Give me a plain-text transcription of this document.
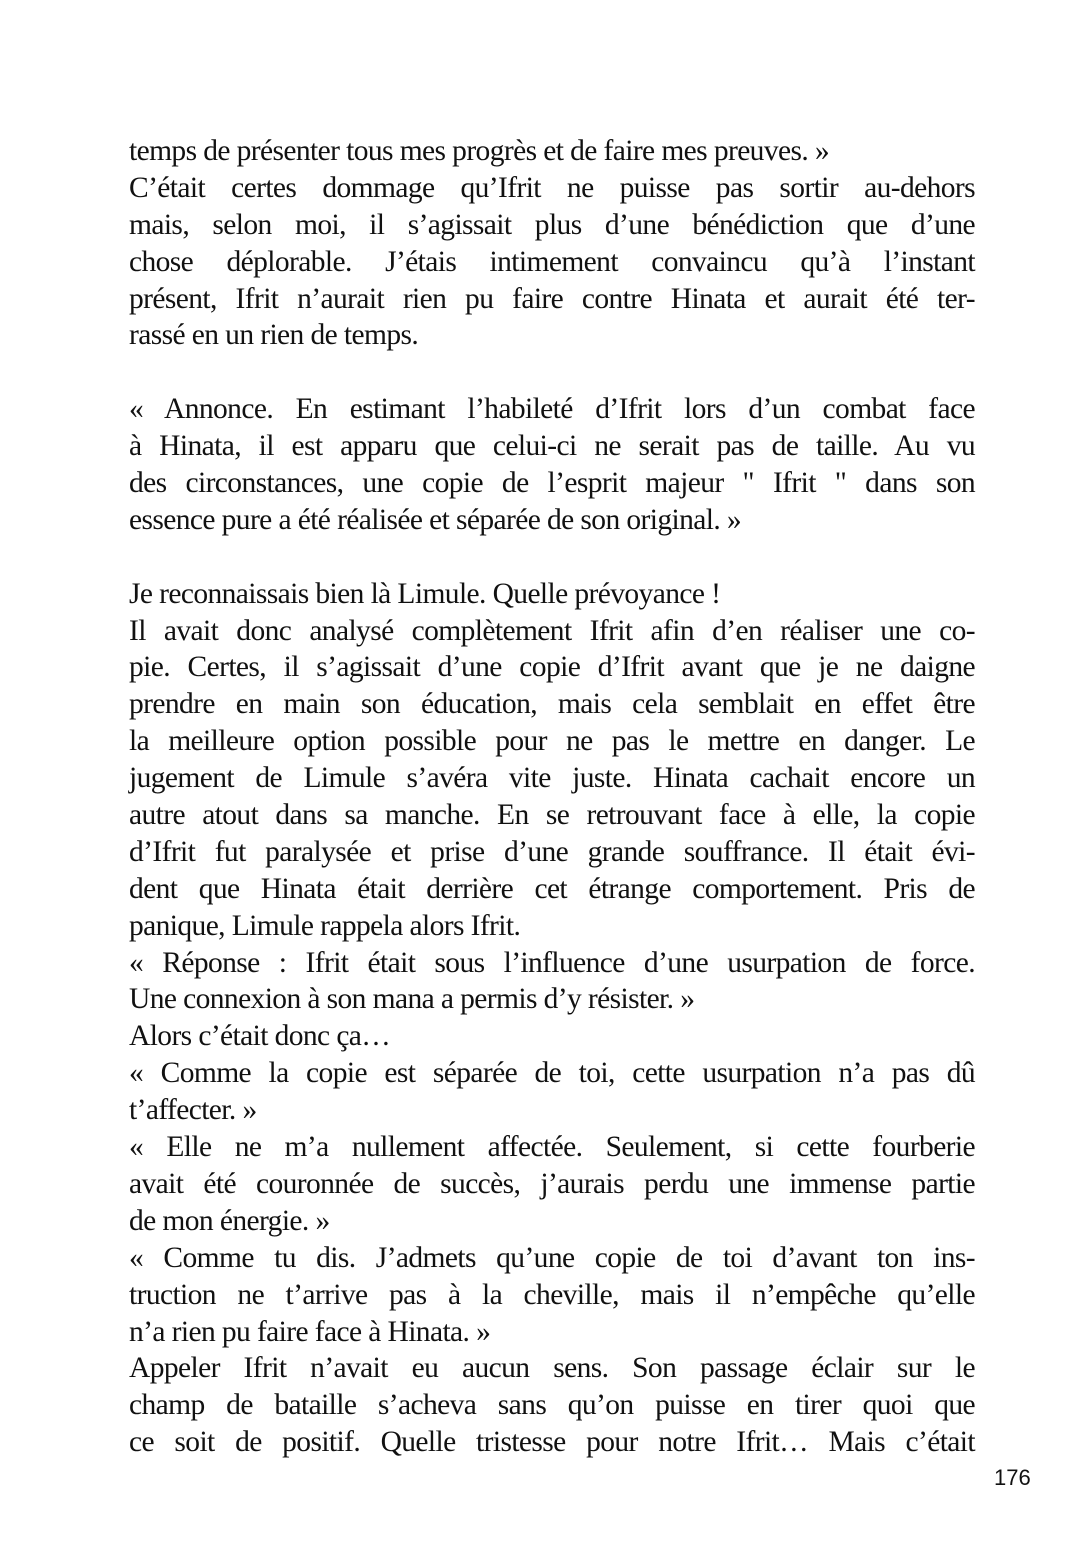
temps de présenter tous mes progrès et de faire mes preuves. »
C’était certes dommage qu’Ifrit ne puisse pas sortir au-dehors
mais, selon moi, il s’agissait plus d’une bénédiction que d’une
chose déplorable. J’étais intimement convaincu qu’à l’instant
présent, Ifrit n’aurait rien pu faire contre Hinata et aurait été ter-
rassé en un rien de temps.
« Annonce. En estimant l’habileté d’Ifrit lors d’un combat face
à Hinata, il est apparu que celui-ci ne serait pas de taille. Au vu
des circonstances, une copie de l’esprit majeur " Ifrit " dans son
essence pure a été réalisée et séparée de son original. »
Je reconnaissais bien là Limule. Quelle prévoyance !
Il avait donc analysé complètement Ifrit afin d’en réaliser une co-
pie. Certes, il s’agissait d’une copie d’Ifrit avant que je ne daigne
prendre en main son éducation, mais cela semblait en effet être
la meilleure option possible pour ne pas le mettre en danger. Le
jugement de Limule s’avéra vite juste. Hinata cachait encore un
autre atout dans sa manche. En se retrouvant face à elle, la copie
d’Ifrit fut paralysée et prise d’une grande souffrance. Il était évi-
dent que Hinata était derrière cet étrange comportement. Pris de
panique, Limule rappela alors Ifrit.
« Réponse : Ifrit était sous l’influence d’une usurpation de force.
Une connexion à son mana a permis d’y résister. »
Alors c’était donc ça…
« Comme la copie est séparée de toi, cette usurpation n’a pas dû
t’affecter. »
« Elle ne m’a nullement affectée. Seulement, si cette fourberie
avait été couronnée de succès, j’aurais perdu une immense partie
de mon énergie. »
« Comme tu dis. J’admets qu’une copie de toi d’avant ton ins-
truction ne t’arrive pas à la cheville, mais il n’empêche qu’elle
n’a rien pu faire face à Hinata. »
Appeler Ifrit n’avait eu aucun sens. Son passage éclair sur le
champ de bataille s’acheva sans qu’on puisse en tirer quoi que
ce soit de positif. Quelle tristesse pour notre Ifrit… Mais c’était
176
